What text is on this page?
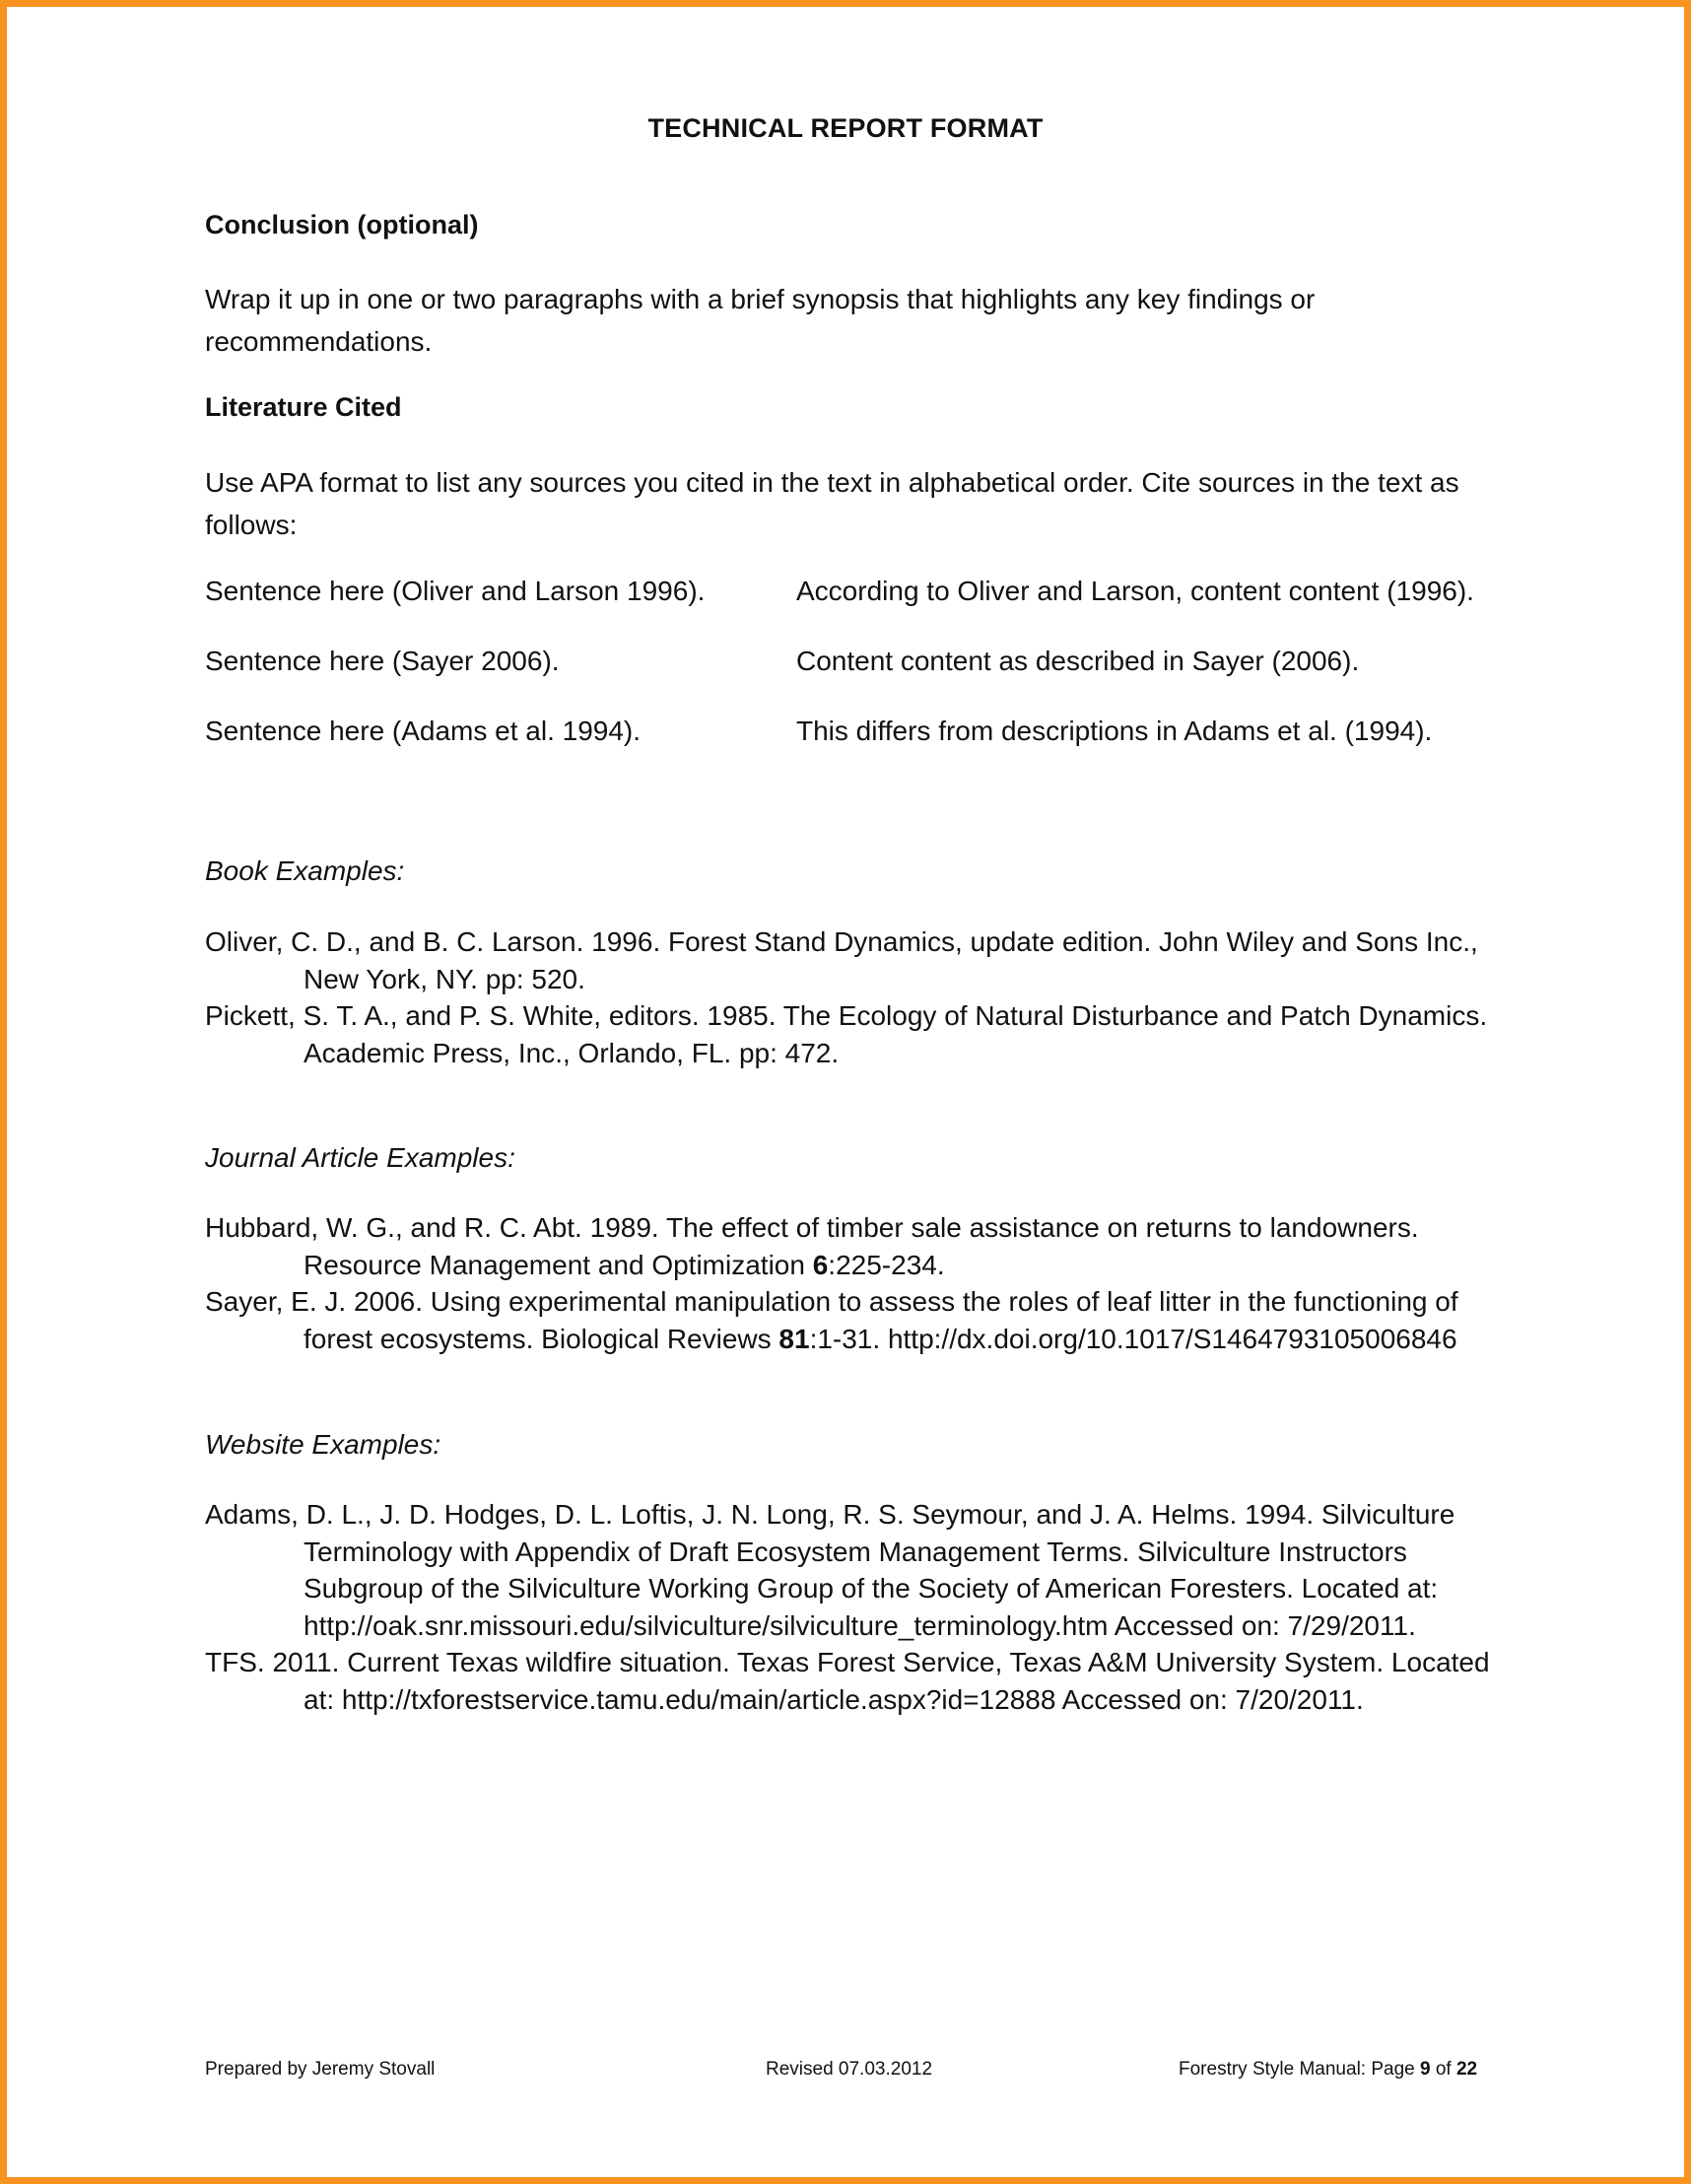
TECHNICAL REPORT FORMAT
Conclusion (optional)
Wrap it up in one or two paragraphs with a brief synopsis that highlights any key findings or recommendations.
Literature Cited
Use APA format to list any sources you cited in the text in alphabetical order. Cite sources in the text as follows:
Sentence here (Oliver and Larson 1996).	According to Oliver and Larson, content content (1996).
Sentence here (Sayer 2006).	Content content as described in Sayer (2006).
Sentence here (Adams et al. 1994).	This differs from descriptions in Adams et al. (1994).
Book Examples:
Oliver, C. D., and B. C. Larson. 1996. Forest Stand Dynamics, update edition. John Wiley and Sons Inc., New York, NY. pp: 520.
Pickett, S. T. A., and P. S. White, editors. 1985. The Ecology of Natural Disturbance and Patch Dynamics. Academic Press, Inc., Orlando, FL. pp: 472.
Journal Article Examples:
Hubbard, W. G., and R. C. Abt. 1989. The effect of timber sale assistance on returns to landowners. Resource Management and Optimization 6:225-234.
Sayer, E. J. 2006. Using experimental manipulation to assess the roles of leaf litter in the functioning of forest ecosystems. Biological Reviews 81:1-31. http://dx.doi.org/10.1017/S1464793105006846
Website Examples:
Adams, D. L., J. D. Hodges, D. L. Loftis, J. N. Long, R. S. Seymour, and J. A. Helms. 1994. Silviculture Terminology with Appendix of Draft Ecosystem Management Terms. Silviculture Instructors Subgroup of the Silviculture Working Group of the Society of American Foresters. Located at: http://oak.snr.missouri.edu/silviculture/silviculture_terminology.htm Accessed on: 7/29/2011.
TFS. 2011. Current Texas wildfire situation. Texas Forest Service, Texas A&M University System. Located at: http://txforestservice.tamu.edu/main/article.aspx?id=12888 Accessed on: 7/20/2011.
Prepared by Jeremy Stovall	Revised 07.03.2012	Forestry Style Manual: Page 9 of 22
